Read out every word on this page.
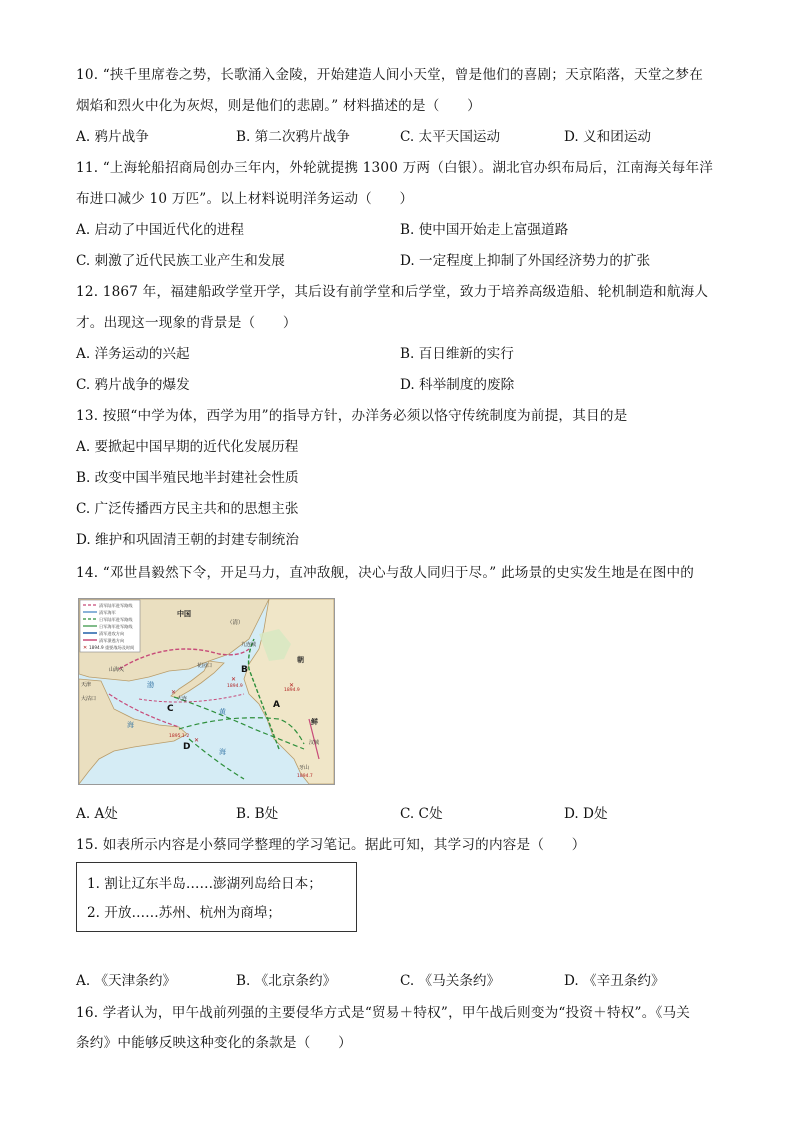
10. “挟千里席卷之势，长歌涌入金陵，开始建造人间小天堂，曾是他们的喜剧；天京陷落，天堂之梦在
烟焰和烈火中化为灰烬，则是他们的悲剧。” 材料描述的是（　　）
A. 鸦片战争	B. 第二次鸦片战争	C. 太平天国运动	D. 义和团运动
11. “上海轮船招商局创办三年内，外轮就提携 1300 万两（白银）。湖北官办织布局后，江南海关每年洋
布进口减少 10 万匹”。以上材料说明洋务运动（　　）
A. 启动了中国近代化的进程	B. 使中国开始走上富强道路
C. 刺激了近代民族工业产生和发展	D. 一定程度上抑制了外国经济势力的扩张
12. 1867 年，福建船政学堂开学，其后设有前学堂和后学堂，致力于培养高级造船、轮机制造和航海人
才。出现这一现象的背景是（　　）
A. 洋务运动的兴起	B. 百日维新的实行
C. 鸦片战争的爆发	D. 科举制度的废除
13. 按照“中学为体，西学为用”的指导方针，办洋务必须以恪守传统制度为前提，其目的是
A. 要掀起中国早期的近代化发展历程
B. 改变中国半殖民地半封建社会性质
C. 广泛传播西方民主共和的思想主张
D. 维护和巩固清王朝的封建专制统治
14. “邓世昌毅然下令，开足马力，直冲敌舰，决心与敌人同归于尽。” 此场景的史实发生地是在图中的
✕
清军陆军进军路线
清军海军
日军陆军进军路线
日军海军进军路线
清军进攻方向
清军溃逃方向
1894.9 重要战场及时间
中国
（清）
九连城
朝
鲜
花园口
山海关
天津
大沽口	大连
汉城
牙山
渤
黄
海
海
1894.9
1894.9
1895.1-2
1894.7
✕
✕
✕
✕
B
A
C
D
A. A处	B. B处	C. C处	D. D处
15. 如表所示内容是小蔡同学整理的学习笔记。据此可知，其学习的内容是（　　）
1. 割让辽东半岛……澎湖列岛给日本；
2. 开放……苏州、杭州为商埠；
A. 《天津条约》	B. 《北京条约》	C. 《马关条约》	D. 《辛丑条约》
16. 学者认为，甲午战前列强的主要侵华方式是“贸易＋特权”，甲午战后则变为“投资＋特权”。《马关
条约》中能够反映这种变化的条款是（　　）
